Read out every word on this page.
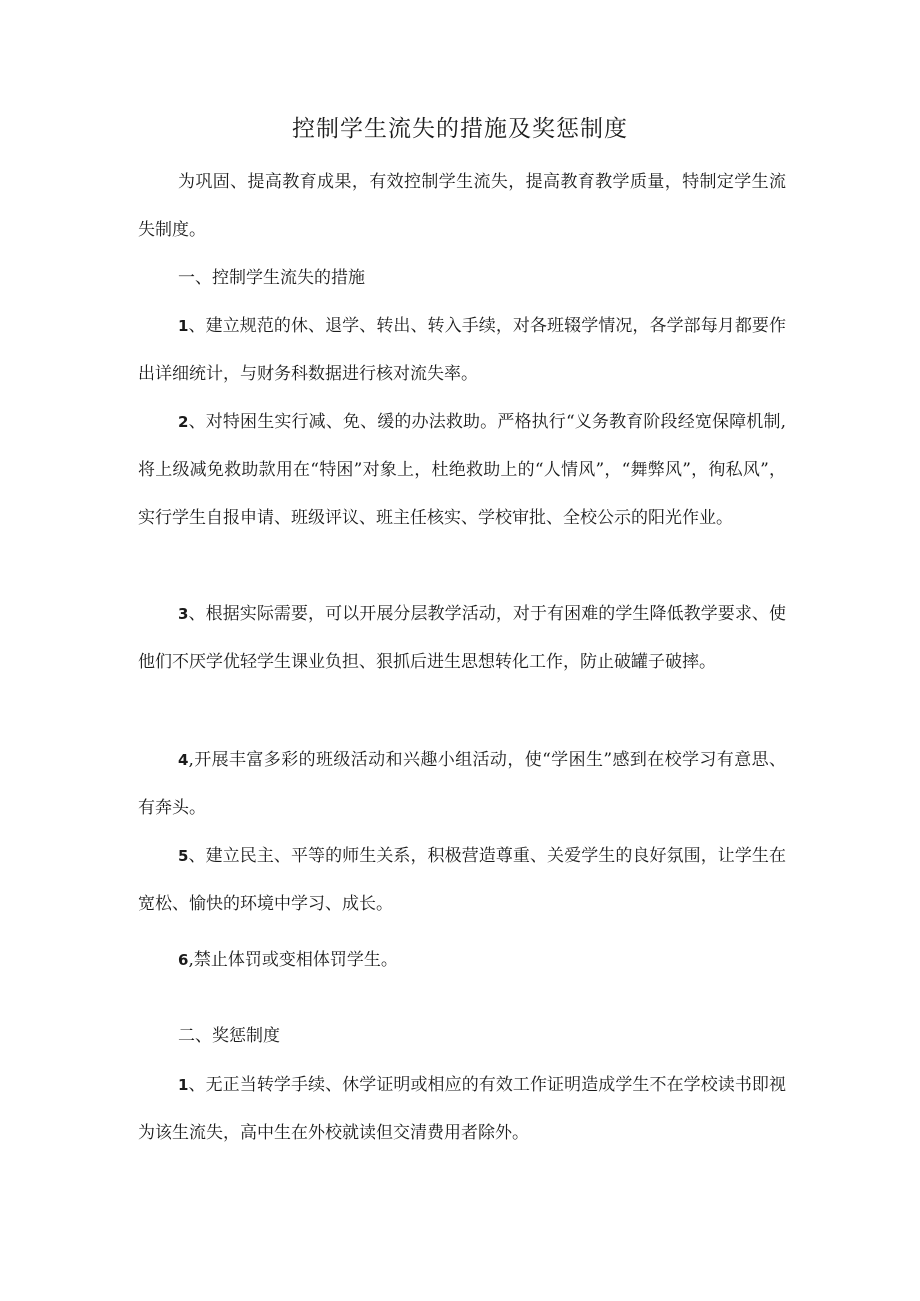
控制学生流失的措施及奖惩制度

为巩固、提高教育成果，有效控制学生流失，提高教育教学质量，特制定学生流失制度。

一、控制学生流失的措施

1、建立规范的休、退学、转出、转入手续，对各班辍学情况，各学部每月都要作出详细统计，与财务科数据进行核对流失率。

2、对特困生实行减、免、缓的办法救助。严格执行“义务教育阶段经宽保障机制,将上级减免救助款用在“特困”对象上，杜绝救助上的“人情风”，“舞弊风”，徇私风”，实行学生自报申请、班级评议、班主任核实、学校审批、全校公示的阳光作业。

3、根据实际需要，可以开展分层教学活动，对于有困难的学生降低教学要求、使他们不厌学优轻学生课业负担、狠抓后进生思想转化工作，防止破罐子破摔。

4,开展丰富多彩的班级活动和兴趣小组活动，使“学困生”感到在校学习有意思、有奔头。

5、建立民主、平等的师生关系，积极营造尊重、关爱学生的良好氛围，让学生在宽松、愉快的环境中学习、成长。

6,禁止体罚或变相体罚学生。

二、奖惩制度

1、无正当转学手续、休学证明或相应的有效工作证明造成学生不在学校读书即视为该生流失，高中生在外校就读但交清费用者除外。
